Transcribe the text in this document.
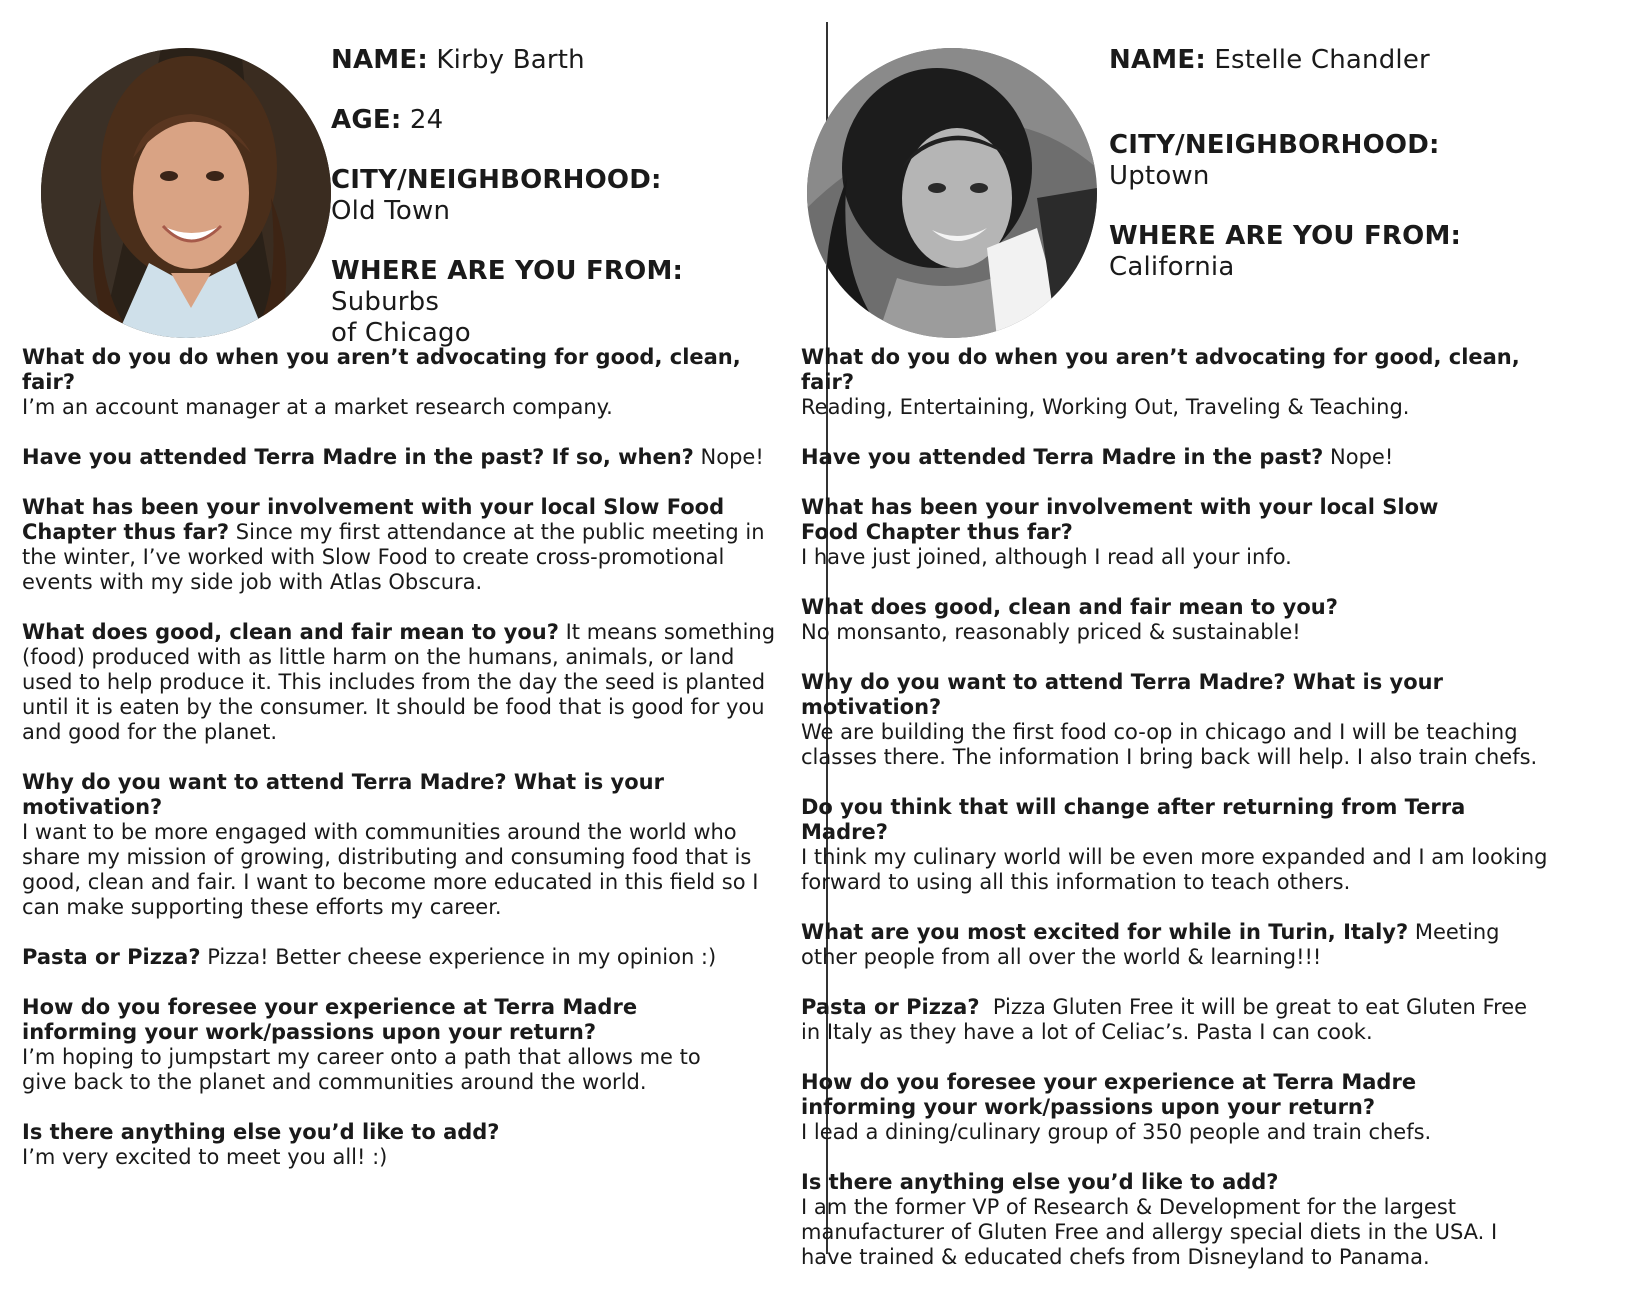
NAME: Kirby Barth

AGE: 24

CITY/NEIGHBORHOOD:

Old Town

WHERE ARE YOU FROM: Suburbs

of Chicago

What do you do when you aren’t advocating for good, clean, fair?
I’m an account manager at a market research company.
Have you attended Terra Madre in the past? If so, when? Nope!
What has been your involvement with your local Slow Food Chapter thus far? Since my first attendance at the public meeting in the winter, I’ve worked with Slow Food to create cross-promotional events with my side job with Atlas Obscura.
What does good, clean and fair mean to you? It means something (food) produced with as little harm on the humans, animals, or land used to help produce it. This includes from the day the seed is planted until it is eaten by the consumer. It should be food that is good for you and good for the planet.
Why do you want to attend Terra Madre? What is your motivation?
I want to be more engaged with communities around the world who share my mission of growing, distributing and consuming food that is good, clean and fair. I want to become more educated in this field so I can make supporting these efforts my career.
Pasta or Pizza? Pizza! Better cheese experience in my opinion :)
How do you foresee your experience at Terra Madre informing your work/passions upon your return?
I’m hoping to jumpstart my career onto a path that allows me to give back to the planet and communities around the world.
Is there anything else you’d like to add?
I’m very excited to meet you all! :)

NAME: Estelle Chandler

CITY/NEIGHBORHOOD:

Uptown

WHERE ARE YOU FROM:

California

What do you do when you aren’t advocating for good, clean, fair?
Reading, Entertaining, Working Out, Traveling & Teaching.
Have you attended Terra Madre in the past? Nope!
What has been your involvement with your local Slow Food Chapter thus far?
I have just joined, although I read all your info.
What does good, clean and fair mean to you?
No monsanto, reasonably priced & sustainable!
Why do you want to attend Terra Madre? What is your motivation?
We are building the first food co-op in chicago and I will be teaching classes there. The information I bring back will help. I also train chefs.
Do you think that will change after returning from Terra Madre?
I think my culinary world will be even more expanded and I am looking forward to using all this information to teach others.
What are you most excited for while in Turin, Italy? Meeting other people from all over the world & learning!!!
Pasta or Pizza? Pizza Gluten Free it will be great to eat Gluten Free in Italy as they have a lot of Celiac’s. Pasta I can cook.
How do you foresee your experience at Terra Madre informing your work/passions upon your return?
I lead a dining/culinary group of 350 people and train chefs.
Is there anything else you’d like to add?
I am the former VP of Research & Development for the largest manufacturer of Gluten Free and allergy special diets in the USA. I have trained & educated chefs from Disneyland to Panama.
